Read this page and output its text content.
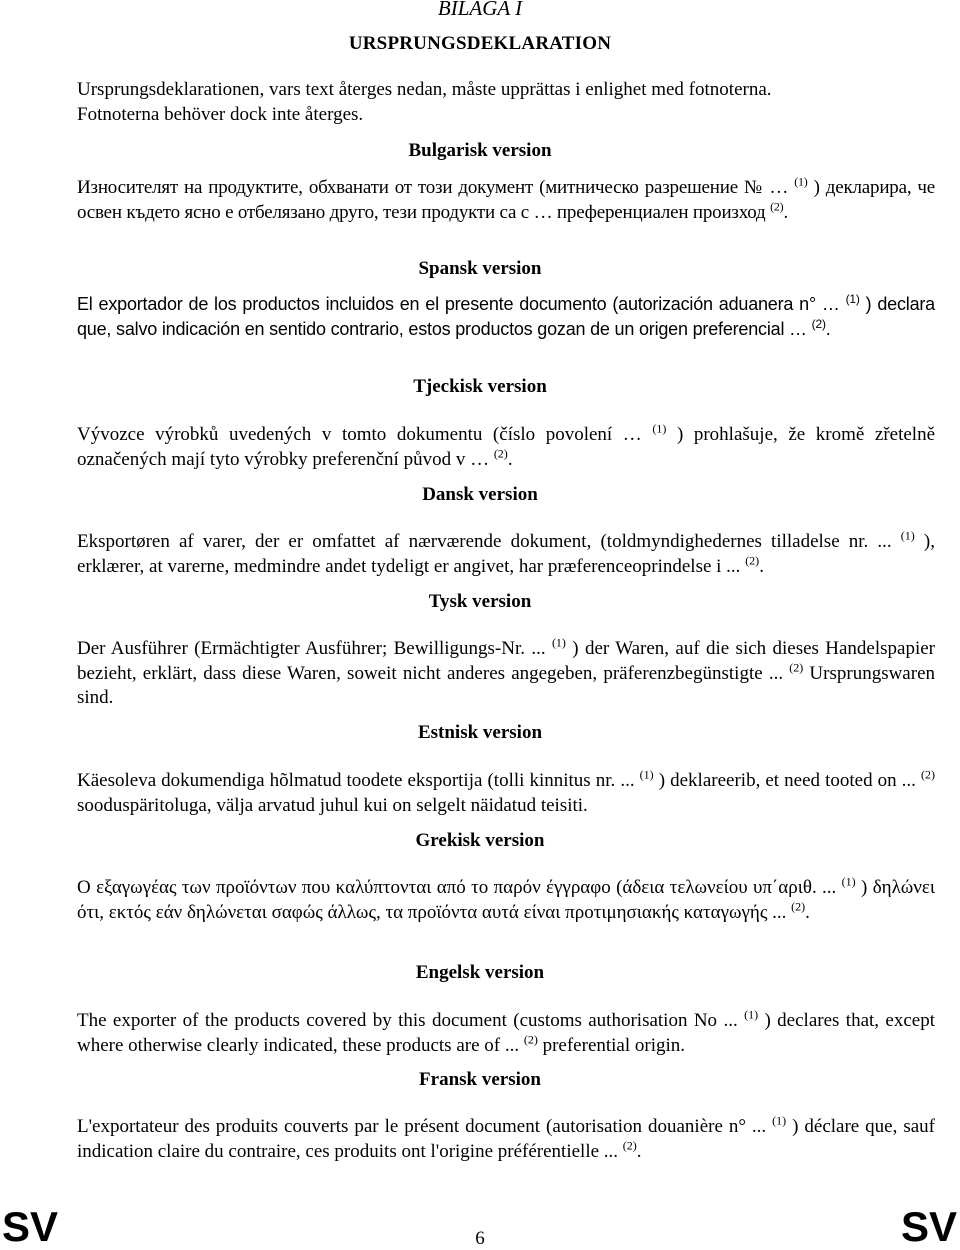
BILAGA I
URSPRUNGSDEKLARATION

Ursprungsdeklarationen, vars text återges nedan, måste upprättas i enlighet med fotnoterna.
Fotnoterna behöver dock inte återges.

Bulgarisk version

Износителят на продуктите, обхванати от този документ (митническо разрешение № … $^{(1)}$ ) декларира, че освен където ясно е отбелязано друго, тези продукти са с … преференциален произход $^{(2)}$.

Spansk version

El exportador de los productos incluidos en el presente documento (autorización aduanera n° … $^{(1)}$ ) declara que, salvo indicación en sentido contrario, estos productos gozan de un origen preferencial … $^{(2)}$.

Tjeckisk version

Vývozce výrobků uvedených v tomto dokumentu (číslo povolení … $^{(1)}$ ) prohlašuje, že kromě zřetelně označených mají tyto výrobky preferenční původ v … $^{(2)}$.

Dansk version

Eksportøren af varer, der er omfattet af nærværende dokument, (toldmyndighedernes tilladelse nr. ... $^{(1)}$ ), erklærer, at varerne, medmindre andet tydeligt er angivet, har præferenceoprindelse i ... $^{(2)}$.

Tysk version

Der Ausführer (Ermächtigter Ausführer; Bewilligungs-Nr. ... $^{(1)}$ ) der Waren, auf die sich dieses Handelspapier bezieht, erklärt, dass diese Waren, soweit nicht anderes angegeben, präferenzbegünstigte ... $^{(2)}$ Ursprungswaren sind.

Estnisk version

Käesoleva dokumendiga hõlmatud toodete eksportija (tolli kinnitus nr. ... $^{(1)}$ ) deklareerib, et need tooted on ... $^{(2)}$ sooduspäritoluga, välja arvatud juhul kui on selgelt näidatud teisiti.

Grekisk version

Ο εξαγωγέας των προϊόντων που καλύπτονται από το παρόν έγγραφο (άδεια τελωνείου υπ΄αριθ. ... $^{(1)}$ ) δηλώνει ότι, εκτός εάν δηλώνεται σαφώς άλλως, τα προϊόντα αυτά είναι προτιμησιακής καταγωγής ... $^{(2)}$.

Engelsk version

The exporter of the products covered by this document (customs authorisation No ... $^{(1)}$ ) declares that, except where otherwise clearly indicated, these products are of ... $^{(2)}$ preferential origin.

Fransk version

L'exportateur des produits couverts par le présent document (autorisation douanière n° ... $^{(1)}$ ) déclare que, sauf indication claire du contraire, ces produits ont l'origine préférentielle ... $^{(2)}$.

SV	6	SV
